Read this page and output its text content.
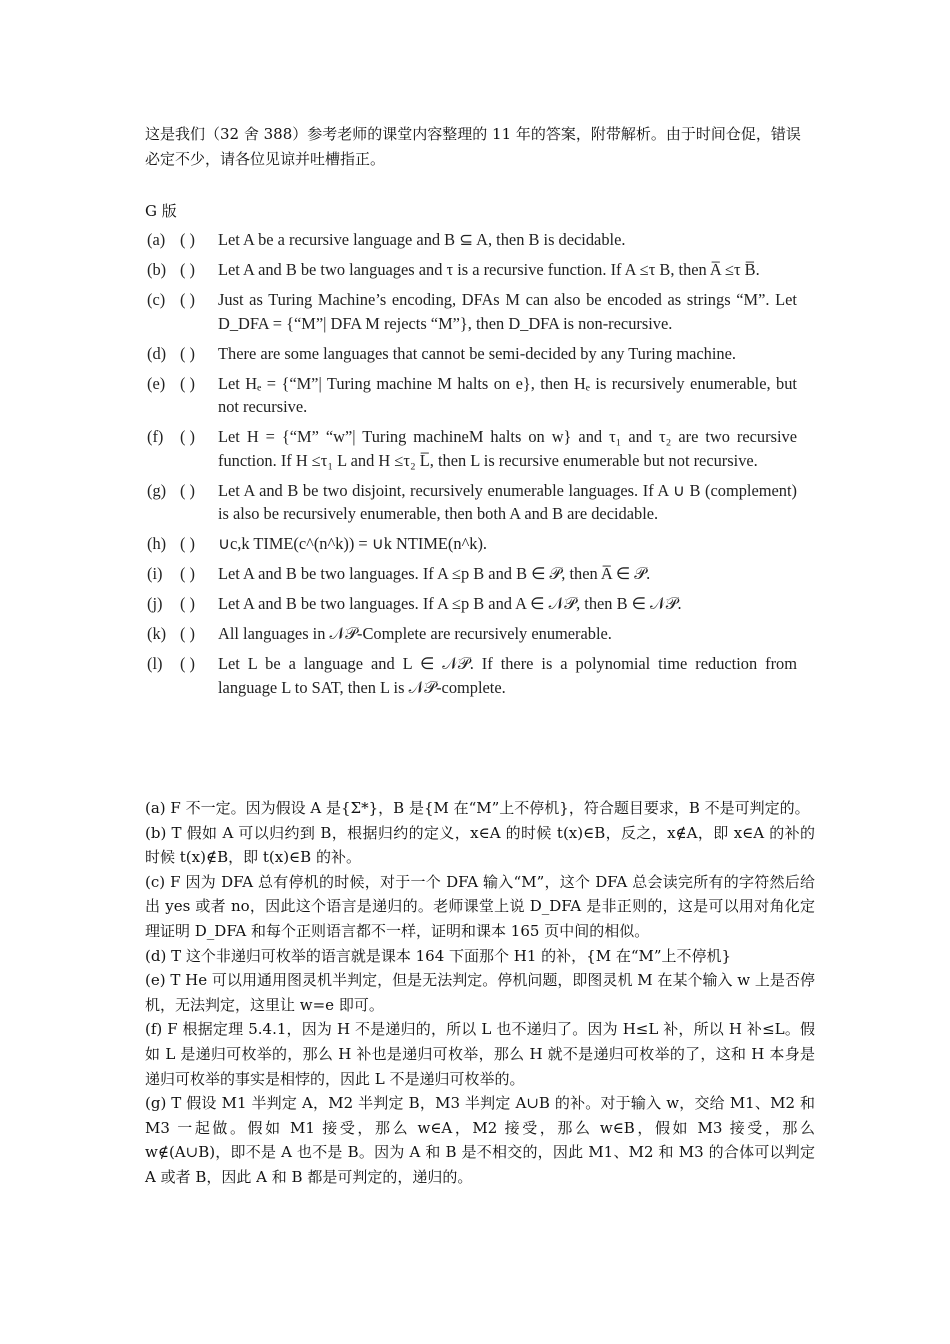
这是我们（32 舍 388）参考老师的课堂内容整理的 11 年的答案，附带解析。由于时间仓促，错误必定不少，请各位见谅并吐槽指正。
G 版
(a) ( )	Let A be a recursive language and B ⊆ A, then B is decidable.
(b) ( )	Let A and B be two languages and τ is a recursive function. If A ≤τ B, then A̅ ≤τ B̅.
(c) ( )	Just as Turing Machine’s encoding, DFAs M can also be encoded as strings “M”. Let D_DFA = {“M”| DFA M rejects “M”}, then D_DFA is non-recursive.
(d) ( )	There are some languages that cannot be semi-decided by any Turing machine.
(e) ( )	Let Hₑ = {“M”| Turing machine M halts on e}, then Hₑ is recursively enumerable, but not recursive.
(f)	( )	Let H = {“M” “w”| Turing machineM halts on w} and τ₁ and τ₂ are two recursive function. If H ≤τ₁ L and H ≤τ₂ L̅, then L is recursive enumerable but not recursive.
(g) ( )	Let A and B be two disjoint, recursively enumerable languages. If A ∪ B (complement) is also be recursively enumerable, then both A and B are decidable.
(h) ( )	∪c,k TIME(c^(n^k)) = ∪k NTIME(n^k).
(i)	( )	Let A and B be two languages. If A ≤p B and B ∈ 𝒫, then A̅ ∈ 𝒫.
(j)	( )	Let A and B be two languages. If A ≤p B and A ∈ 𝒩𝒫, then B ∈ 𝒩𝒫.
(k) ( )	All languages in 𝒩𝒫-Complete are recursively enumerable.
(l)	( )	Let L be a language and L ∈ 𝒩𝒫. If there is a polynomial time reduction from language L to SAT, then L is 𝒩𝒫-complete.
(a) F 不一定。因为假设 A 是{Σ*}，B 是{M 在“M”上不停机}，符合题目要求，B 不是可判定的。
(b) T 假如 A 可以归约到 B，根据归约的定义，x∈A 的时候 t(x)∈B，反之，x∉A，即 x∈A 的补的时候 t(x)∉B，即 t(x)∈B 的补。
(c) F 因为 DFA 总有停机的时候，对于一个 DFA 输入“M”，这个 DFA 总会读完所有的字符然后给出 yes 或者 no，因此这个语言是递归的。老师课堂上说 D_DFA 是非正则的，这是可以用对角化定理证明 D_DFA 和每个正则语言都不一样，证明和课本 165 页中间的相似。
(d) T 这个非递归可枚举的语言就是课本 164 下面那个 H1 的补，{M 在“M”上不停机}
(e) T He 可以用通用图灵机半判定，但是无法判定。停机问题，即图灵机 M 在某个输入 w 上是否停机，无法判定，这里让 w=e 即可。
(f) F 根据定理 5.4.1，因为 H 不是递归的，所以 L 也不递归了。因为 H≤L 补，所以 H 补≤L。假如 L 是递归可枚举的，那么 H 补也是递归可枚举，那么 H 就不是递归可枚举的了，这和 H 本身是递归可枚举的事实是相悖的，因此 L 不是递归可枚举的。
(g) T 假设 M1 半判定 A，M2 半判定 B，M3 半判定 A∪B 的补。对于输入 w，交给 M1、M2 和 M3 一起做。假如 M1 接受，那么 w∈A，M2 接受，那么 w∈B，假如 M3 接受，那么 w∉(A∪B)，即不是 A 也不是 B。因为 A 和 B 是不相交的，因此 M1、M2 和 M3 的合体可以判定 A 或者 B，因此 A 和 B 都是可判定的，递归的。
